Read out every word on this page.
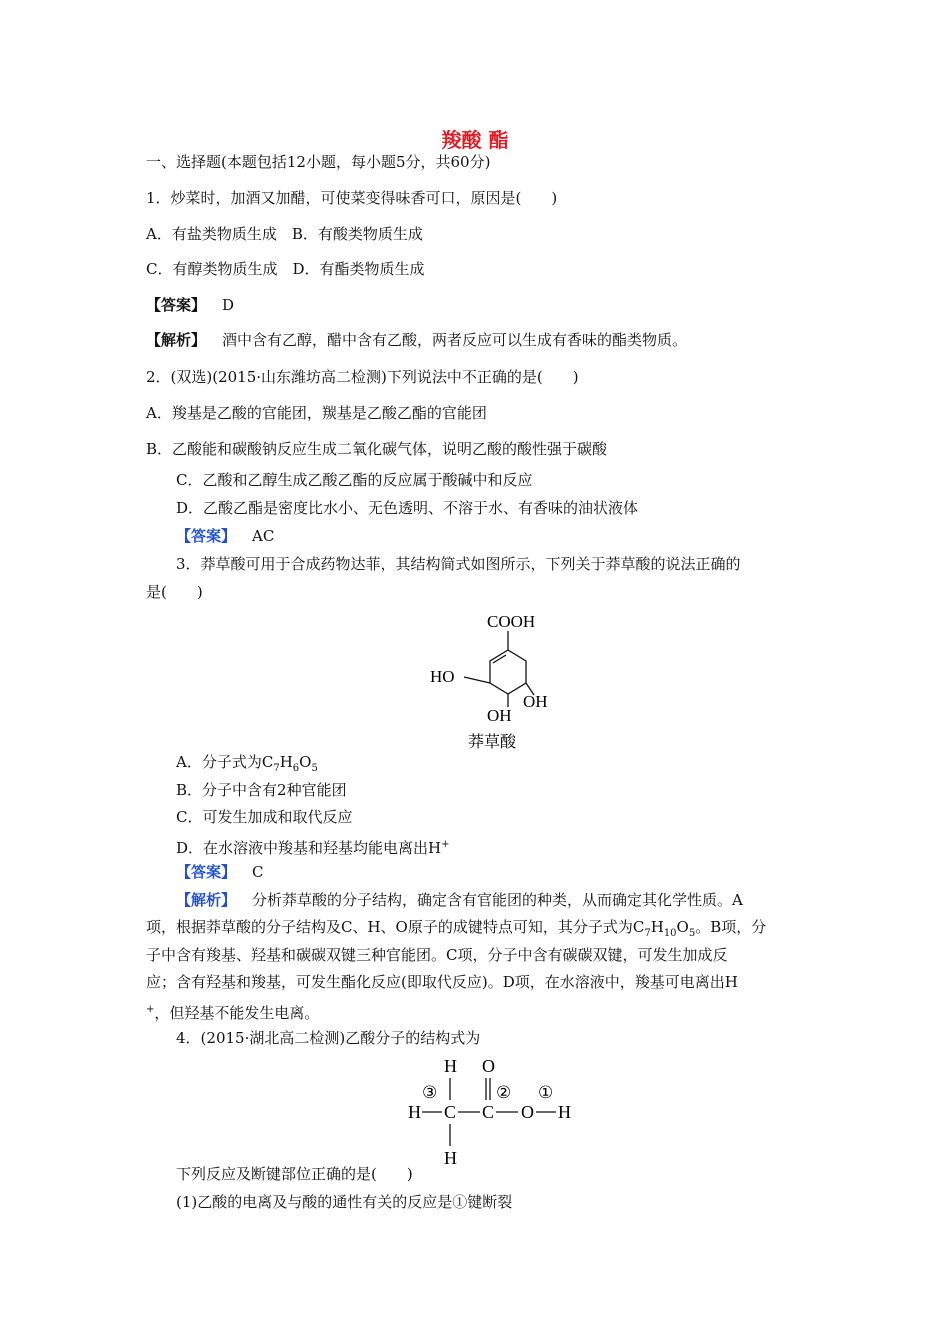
羧酸 酯
一、选择题(本题包括12小题，每小题5分，共60分)
1．炒菜时，加酒又加醋，可使菜变得味香可口，原因是(　　)
A．有盐类物质生成　B．有酸类物质生成
C．有醇类物质生成　D．有酯类物质生成
【答案】 D
【解析】 酒中含有乙醇，醋中含有乙酸，两者反应可以生成有香味的酯类物质。
2．(双选)(2015·山东潍坊高二检测)下列说法中不正确的是(　　)
A．羧基是乙酸的官能团，羰基是乙酸乙酯的官能团
B．乙酸能和碳酸钠反应生成二氧化碳气体，说明乙酸的酸性强于碳酸
C．乙酸和乙醇生成乙酸乙酯的反应属于酸碱中和反应
D．乙酸乙酯是密度比水小、无色透明、不溶于水、有香味的油状液体
【答案】 AC
3．莽草酸可用于合成药物达菲，其结构简式如图所示，下列关于莽草酸的说法正确的
是(　　)
COOH
HO
OH
OH
莽草酸
A．分子式为$C_7H_6O_5$
B．分子中含有2种官能团
C．可发生加成和取代反应
D．在水溶液中羧基和羟基均能电离出H+
【答案】 C
【解析】 分析莽草酸的分子结构，确定含有官能团的种类，从而确定其化学性质。A
项，根据莽草酸的分子结构及C、H、O原子的成键特点可知，其分子式为$C_7H_{10}O_5$。B项，分
子中含有羧基、羟基和碳碳双键三种官能团。C项，分子中含有碳碳双键，可发生加成反
应；含有羟基和羧基，可发生酯化反应(即取代反应)。D项，在水溶液中，羧基可电离出H
+，但羟基不能发生电离。
4．(2015·湖北高二检测)乙酸分子的结构式为
H O
③	② ①
H C C O H
H
下列反应及断键部位正确的是(　　)
(1)乙酸的电离及与酸的通性有关的反应是①键断裂
